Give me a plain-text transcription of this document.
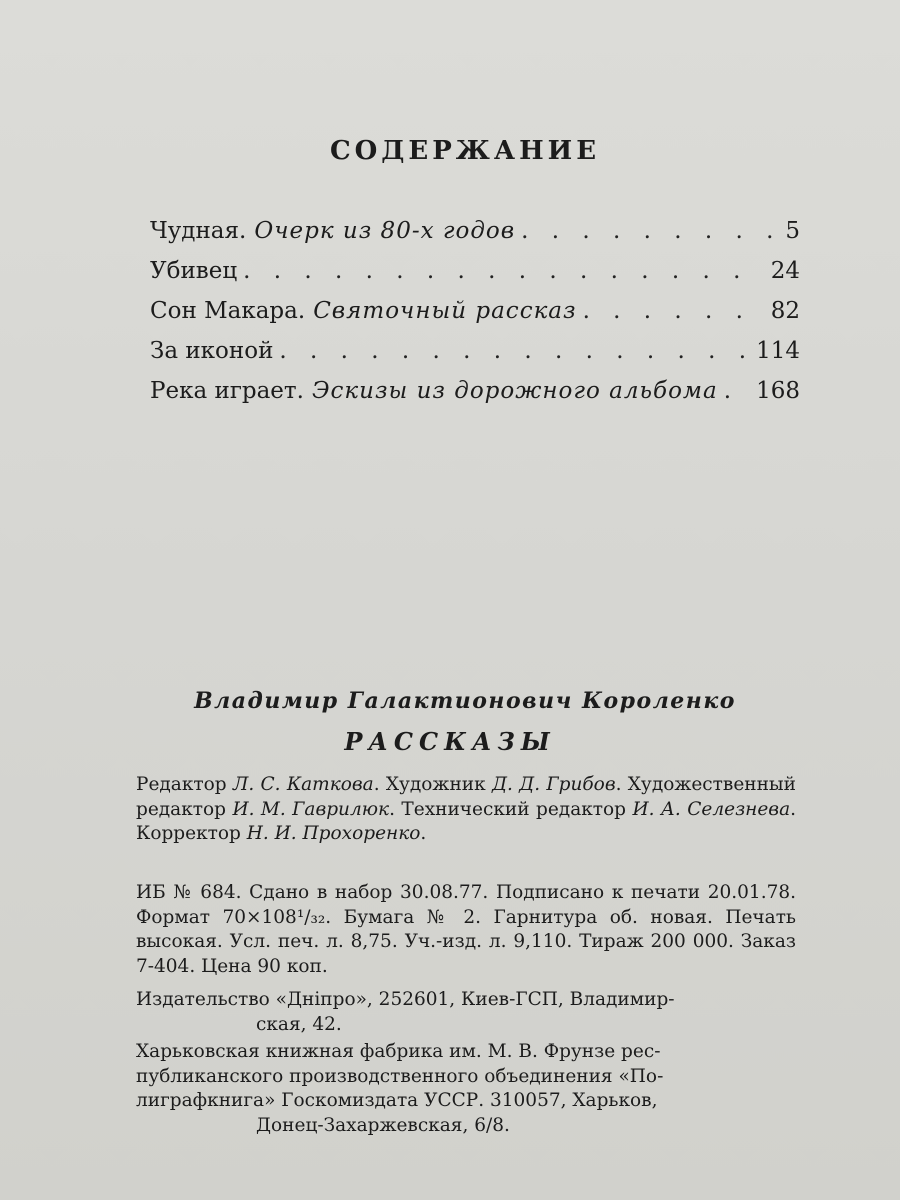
СОДЕРЖАНИЕ
Чудная. Очерк из 80-х годов . . .	5
Убивец . . .	24
Сон Макара. Святочный рассказ . . .	82
За иконой . . .	114
Река играет. Эскизы из дорожного альбома . . . 168
Владимир Галактионович Короленко
РАССКАЗЫ

Редактор Л. С. Каткова. Художник Д. Д. Грибов. Художественный редактор И. М. Гаврилюк. Технический редактор И. А. Селезнева. Корректор Н. И. Прохоренко.

ИБ № 684. Сдано в набор 30.08.77. Подписано к печати 20.01.78. Формат 70×108¹/₃₂. Бумага № 2. Гарнитура об. новая. Печать высокая. Усл. печ. л. 8,75. Уч.-изд. л. 9,110. Тираж 200 000. Заказ 7-404. Цена 90 коп.

Издательство «Дніпро», 252601, Киев-ГСП, Владимир-
ская, 42.
Харьковская книжная фабрика им. М. В. Фрунзе рес-
публиканского производственного объединения «По-
лиграфкнига» Госкомиздата УССР. 310057, Харьков,
Донец-Захаржевская, 6/8.
